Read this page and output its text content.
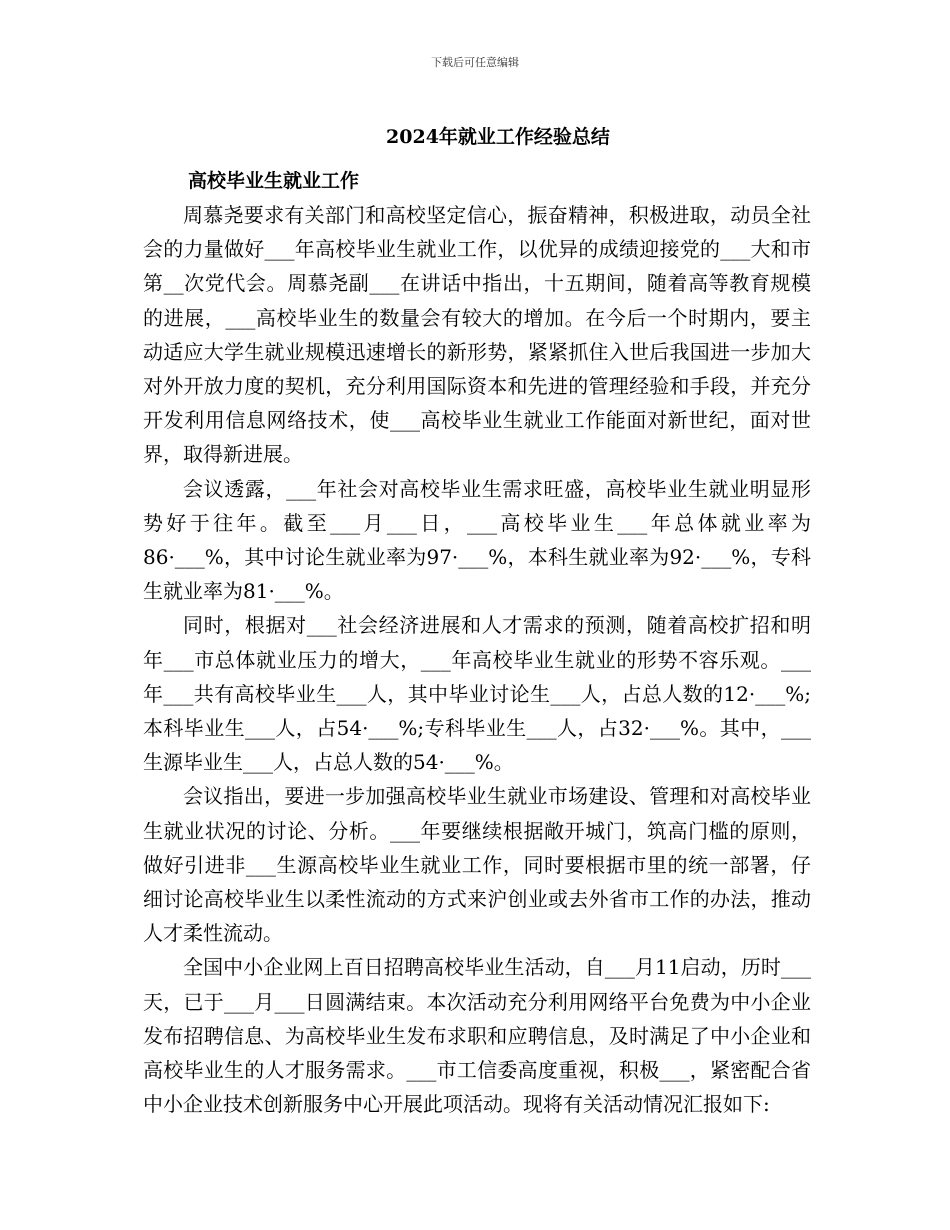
下载后可任意编辑
2024年就业工作经验总结
高校毕业生就业工作

周慕尧要求有关部门和高校坚定信心，振奋精神，积极进取，动员全社会的力量做好___年高校毕业生就业工作，以优异的成绩迎接党的___大和市第__次党代会。周慕尧副___在讲话中指出，十五期间，随着高等教育规模的进展，___高校毕业生的数量会有较大的增加。在今后一个时期内，要主动适应大学生就业规模迅速增长的新形势，紧紧抓住入世后我国进一步加大对外开放力度的契机，充分利用国际资本和先进的管理经验和手段，并充分开发利用信息网络技术，使___高校毕业生就业工作能面对新世纪，面对世界，取得新进展。

会议透露，___年社会对高校毕业生需求旺盛，高校毕业生就业明显形势好于往年。截至___月___日，___高校毕业生___年总体就业率为86·___%，其中讨论生就业率为97·___%，本科生就业率为92·___%，专科生就业率为81·___%。

同时，根据对___社会经济进展和人才需求的预测，随着高校扩招和明年___市总体就业压力的增大，___年高校毕业生就业的形势不容乐观。___年___共有高校毕业生___人，其中毕业讨论生___人，占总人数的12·___%;本科毕业生___人，占54·___%;专科毕业生___人，占32·___%。其中，___生源毕业生___人，占总人数的54·___%。

会议指出，要进一步加强高校毕业生就业市场建设、管理和对高校毕业生就业状况的讨论、分析。___年要继续根据敞开城门，筑高门槛的原则，做好引进非___生源高校毕业生就业工作，同时要根据市里的统一部署，仔细讨论高校毕业生以柔性流动的方式来沪创业或去外省市工作的办法，推动人才柔性流动。

全国中小企业网上百日招聘高校毕业生活动，自___月11启动，历时___天，已于___月___日圆满结束。本次活动充分利用网络平台免费为中小企业发布招聘信息、为高校毕业生发布求职和应聘信息，及时满足了中小企业和高校毕业生的人才服务需求。___市工信委高度重视，积极___，紧密配合省中小企业技术创新服务中心开展此项活动。现将有关活动情况汇报如下:
